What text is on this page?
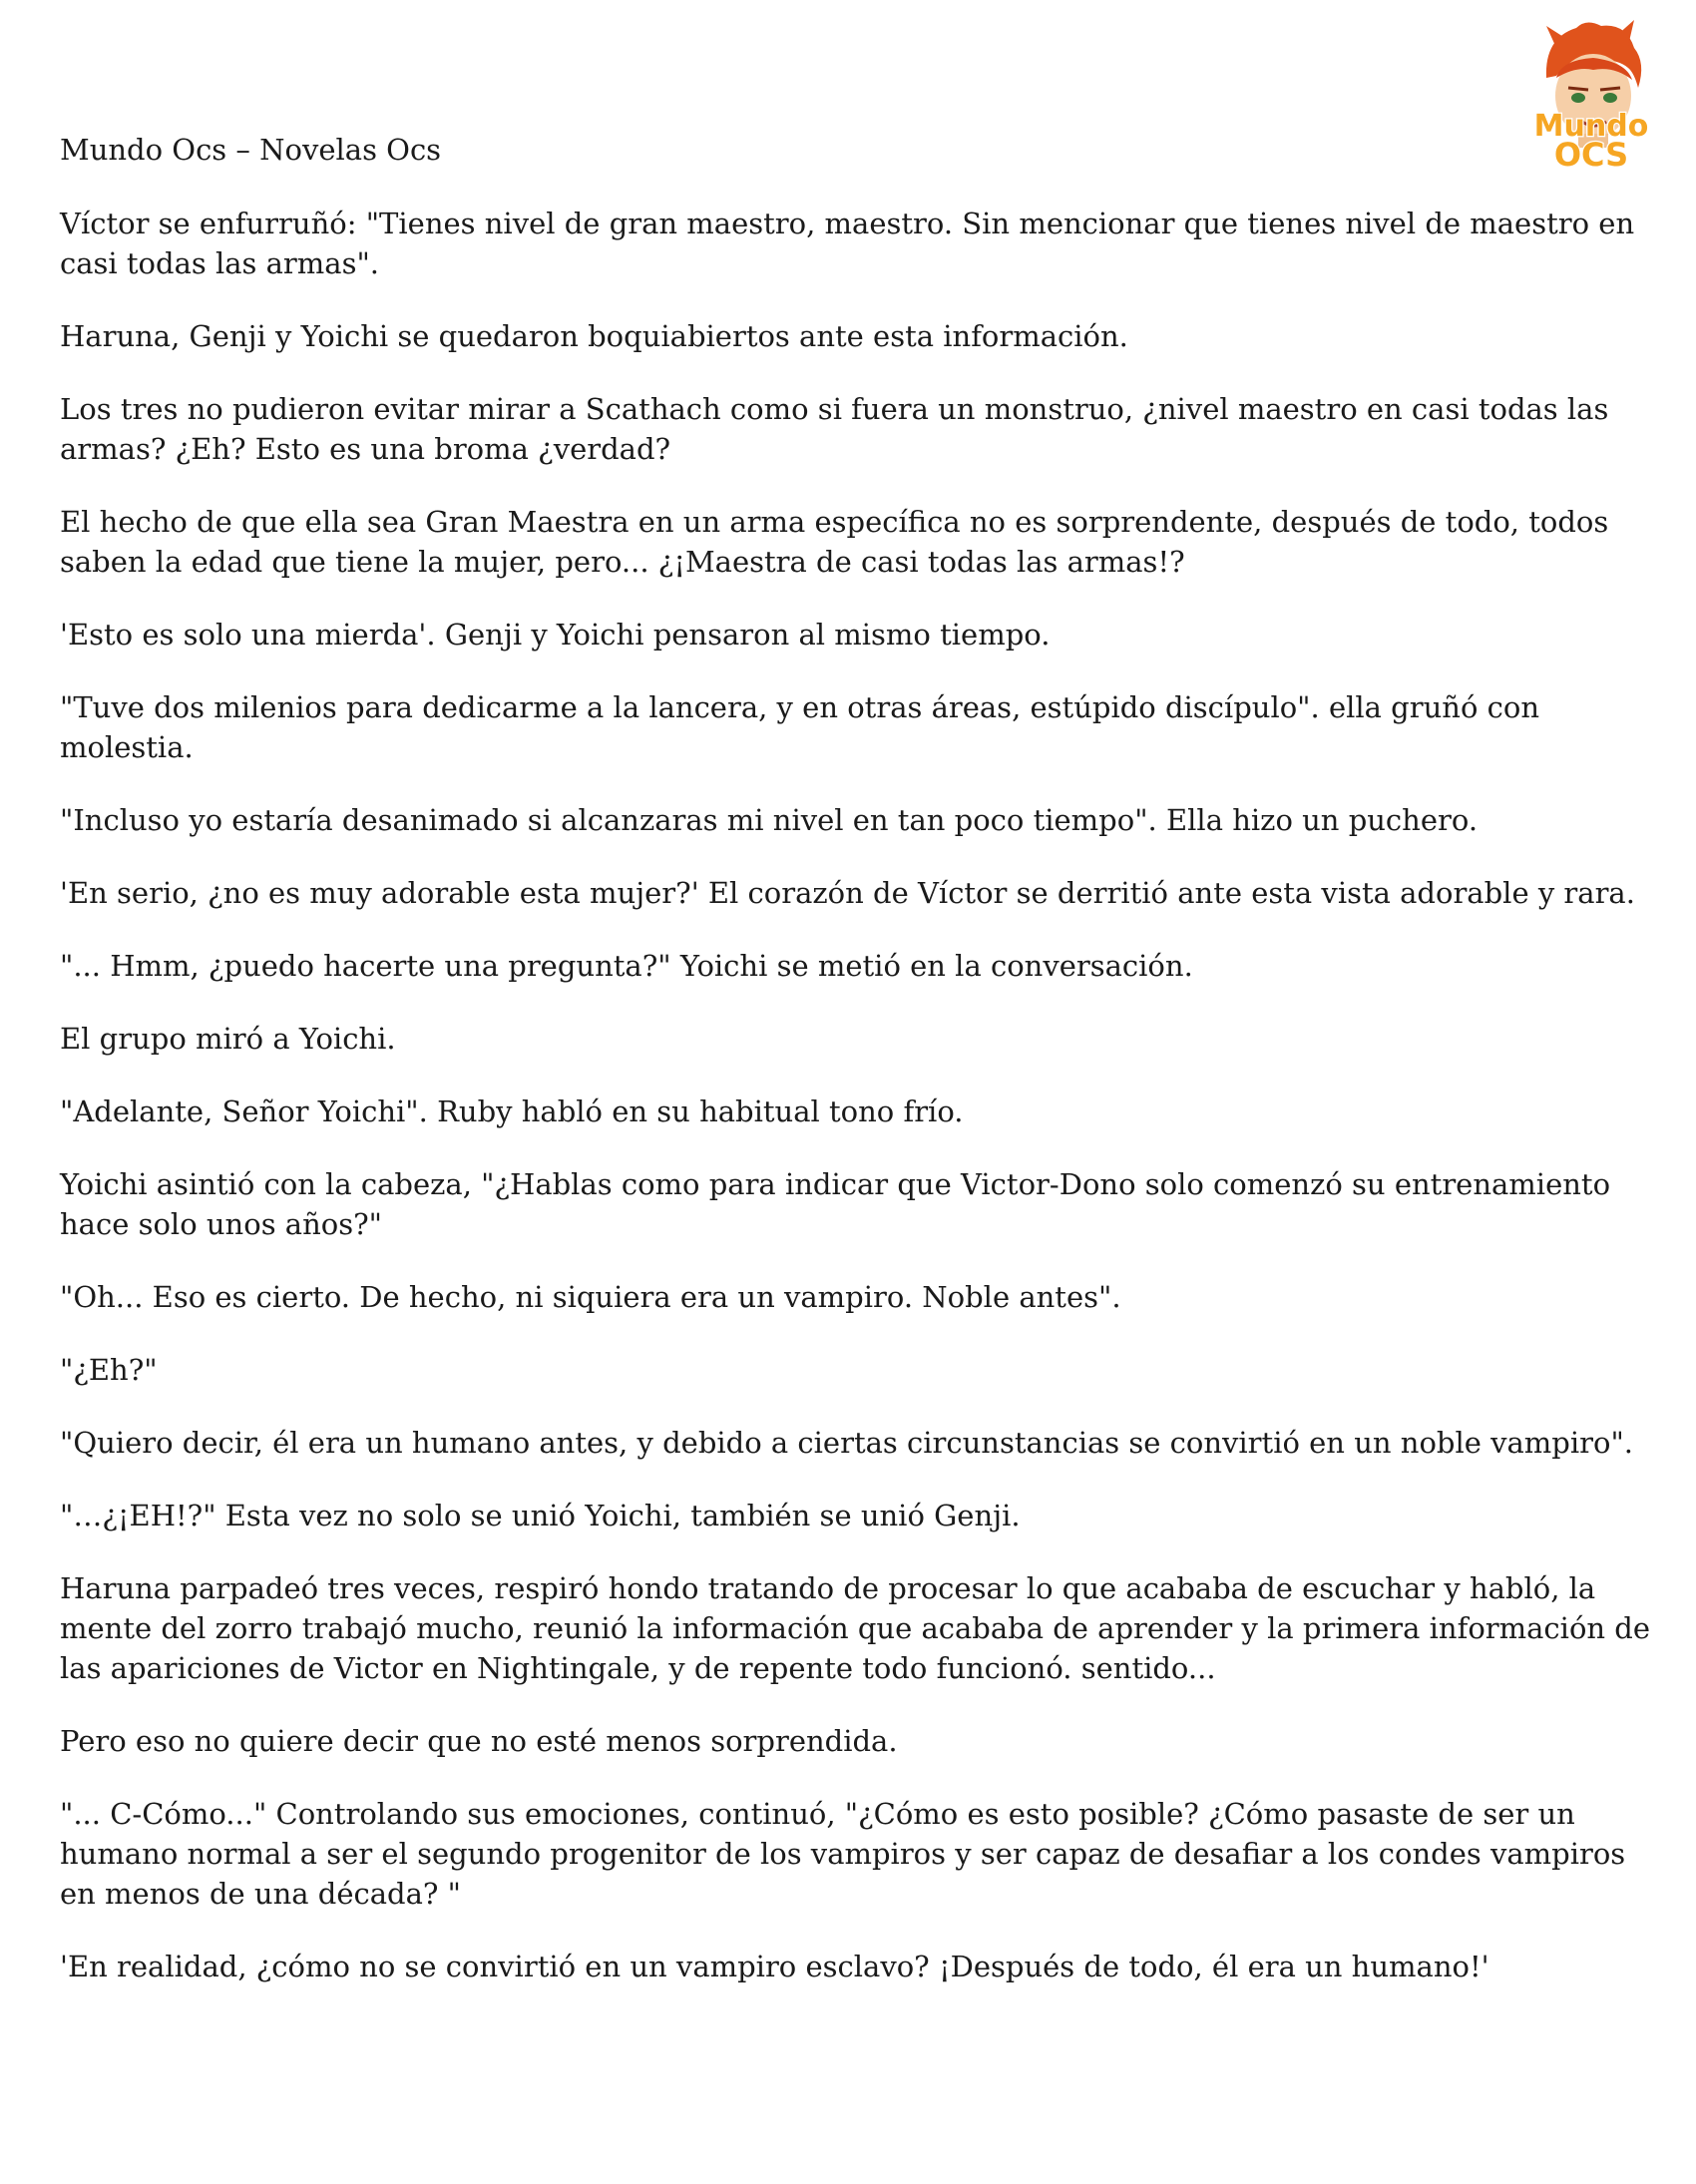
Mundo Ocs – Novelas Ocs
Mundo
OCS

Víctor se enfurruñó: "Tienes nivel de gran maestro, maestro. Sin mencionar que tienes nivel de maestro en casi todas las armas".

Haruna, Genji y Yoichi se quedaron boquiabiertos ante esta información.

Los tres no pudieron evitar mirar a Scathach como si fuera un monstruo, ¿nivel maestro en casi todas las armas? ¿Eh? Esto es una broma ¿verdad?

El hecho de que ella sea Gran Maestra en un arma específica no es sorprendente, después de todo, todos saben la edad que tiene la mujer, pero... ¿¡Maestra de casi todas las armas!?

'Esto es solo una mierda'. Genji y Yoichi pensaron al mismo tiempo.

"Tuve dos milenios para dedicarme a la lancera, y en otras áreas, estúpido discípulo". ella gruñó con molestia.

"Incluso yo estaría desanimado si alcanzaras mi nivel en tan poco tiempo". Ella hizo un puchero.

'En serio, ¿no es muy adorable esta mujer?' El corazón de Víctor se derritió ante esta vista adorable y rara.

"... Hmm, ¿puedo hacerte una pregunta?" Yoichi se metió en la conversación.

El grupo miró a Yoichi.

"Adelante, Señor Yoichi". Ruby habló en su habitual tono frío.

Yoichi asintió con la cabeza, "¿Hablas como para indicar que Victor-Dono solo comenzó su entrenamiento hace solo unos años?"

"Oh... Eso es cierto. De hecho, ni siquiera era un vampiro. Noble antes".

"¿Eh?"

"Quiero decir, él era un humano antes, y debido a ciertas circunstancias se convirtió en un noble vampiro".

"…¿¡EH!?" Esta vez no solo se unió Yoichi, también se unió Genji.

Haruna parpadeó tres veces, respiró hondo tratando de procesar lo que acababa de escuchar y habló, la mente del zorro trabajó mucho, reunió la información que acababa de aprender y la primera información de las apariciones de Victor en Nightingale, y de repente todo funcionó. sentido...

Pero eso no quiere decir que no esté menos sorprendida.

"... C-Cómo..." Controlando sus emociones, continuó, "¿Cómo es esto posible? ¿Cómo pasaste de ser un humano normal a ser el segundo progenitor de los vampiros y ser capaz de desafiar a los condes vampiros en menos de una década? "

'En realidad, ¿cómo no se convirtió en un vampiro esclavo? ¡Después de todo, él era un humano!'
